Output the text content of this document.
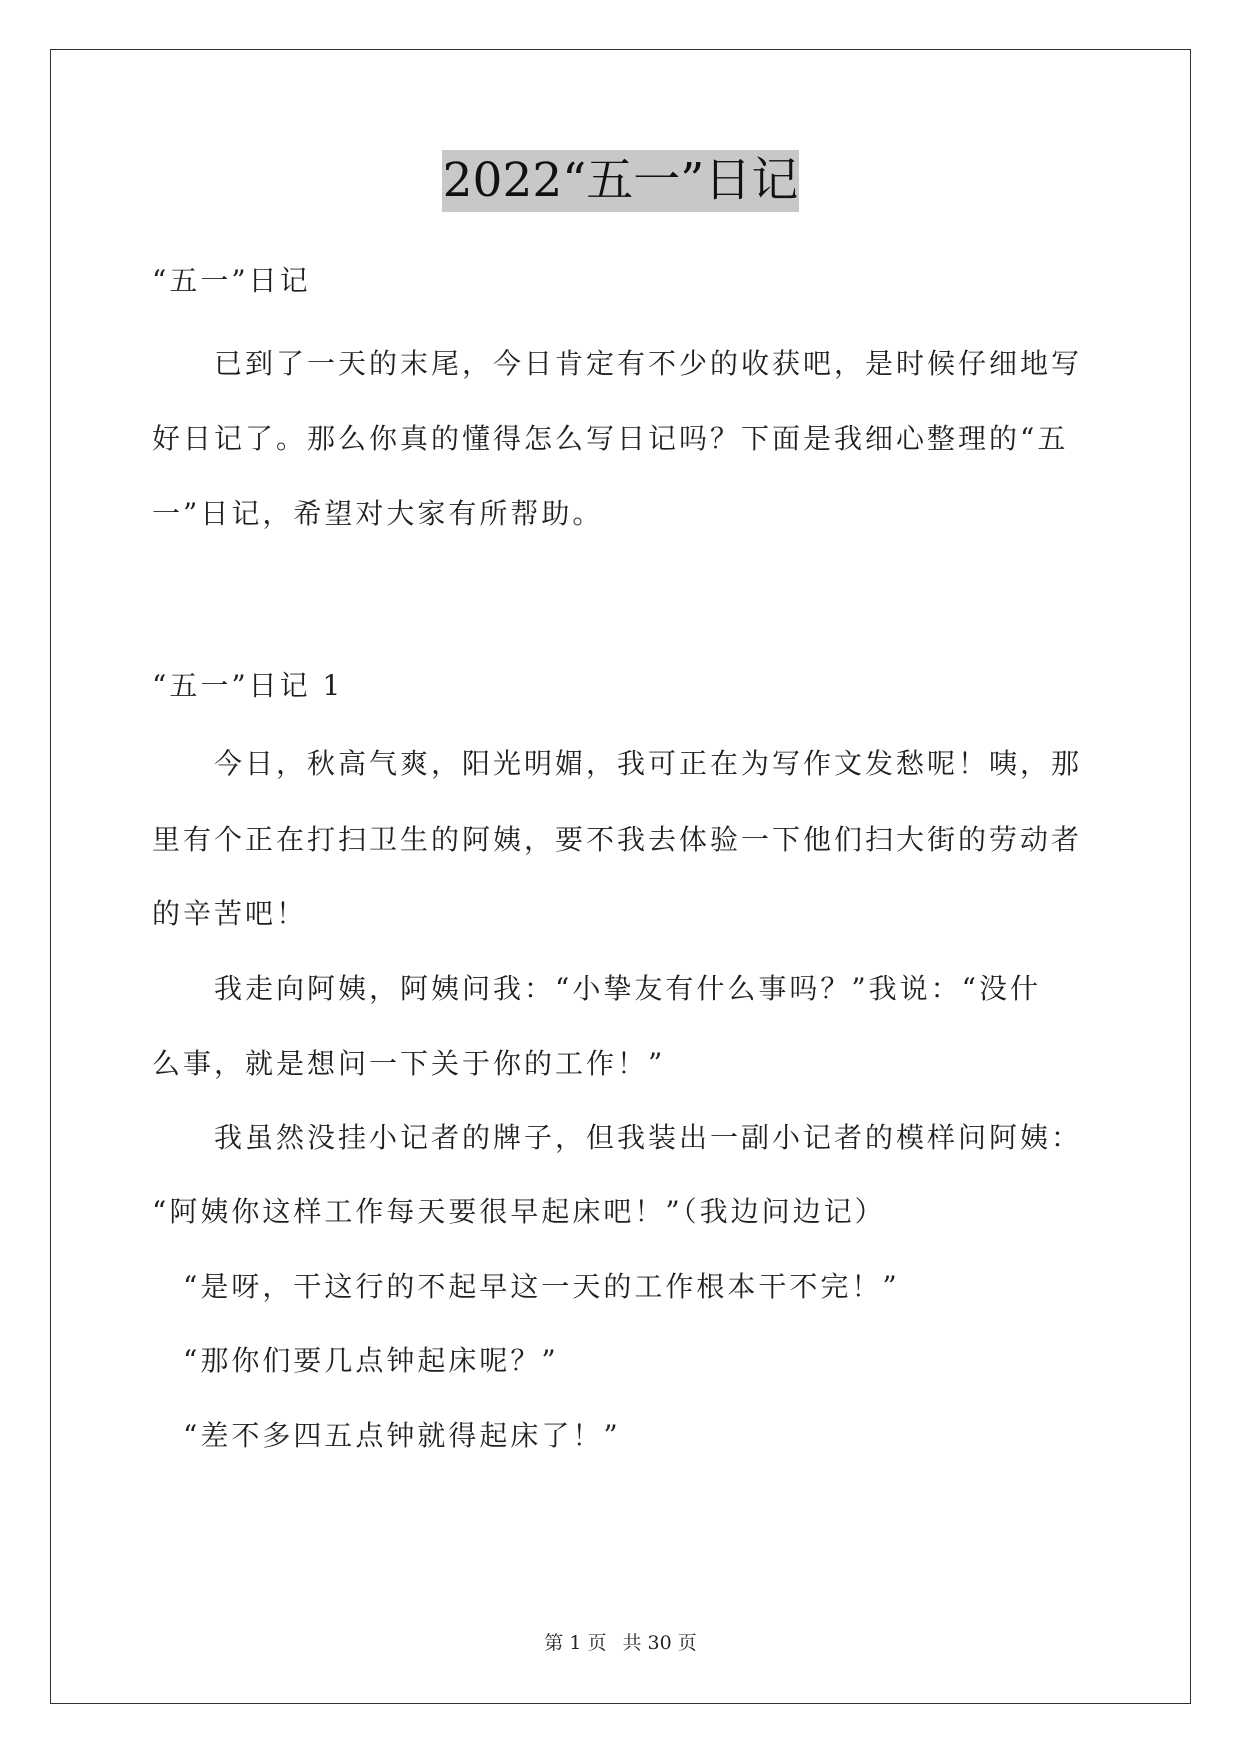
2022“五一”日记
“五一”日记
　　已到了一天的末尾，今日肯定有不少的收获吧，是时候仔细地写
好日记了。那么你真的懂得怎么写日记吗？下面是我细心整理的“五
一”日记，希望对大家有所帮助。
“五一”日记 1
　　今日，秋高气爽，阳光明媚，我可正在为写作文发愁呢！咦，那
里有个正在打扫卫生的阿姨，要不我去体验一下他们扫大街的劳动者
的辛苦吧！
　　我走向阿姨，阿姨问我：“小挚友有什么事吗？”我说：“没什
么事，就是想问一下关于你的工作！”
　　我虽然没挂小记者的牌子，但我装出一副小记者的模样问阿姨：
“阿姨你这样工作每天要很早起床吧！”（我边问边记）
　“是呀，干这行的不起早这一天的工作根本干不完！”
　“那你们要几点钟起床呢？”
　“差不多四五点钟就得起床了！”
第 1 页 共 30 页
